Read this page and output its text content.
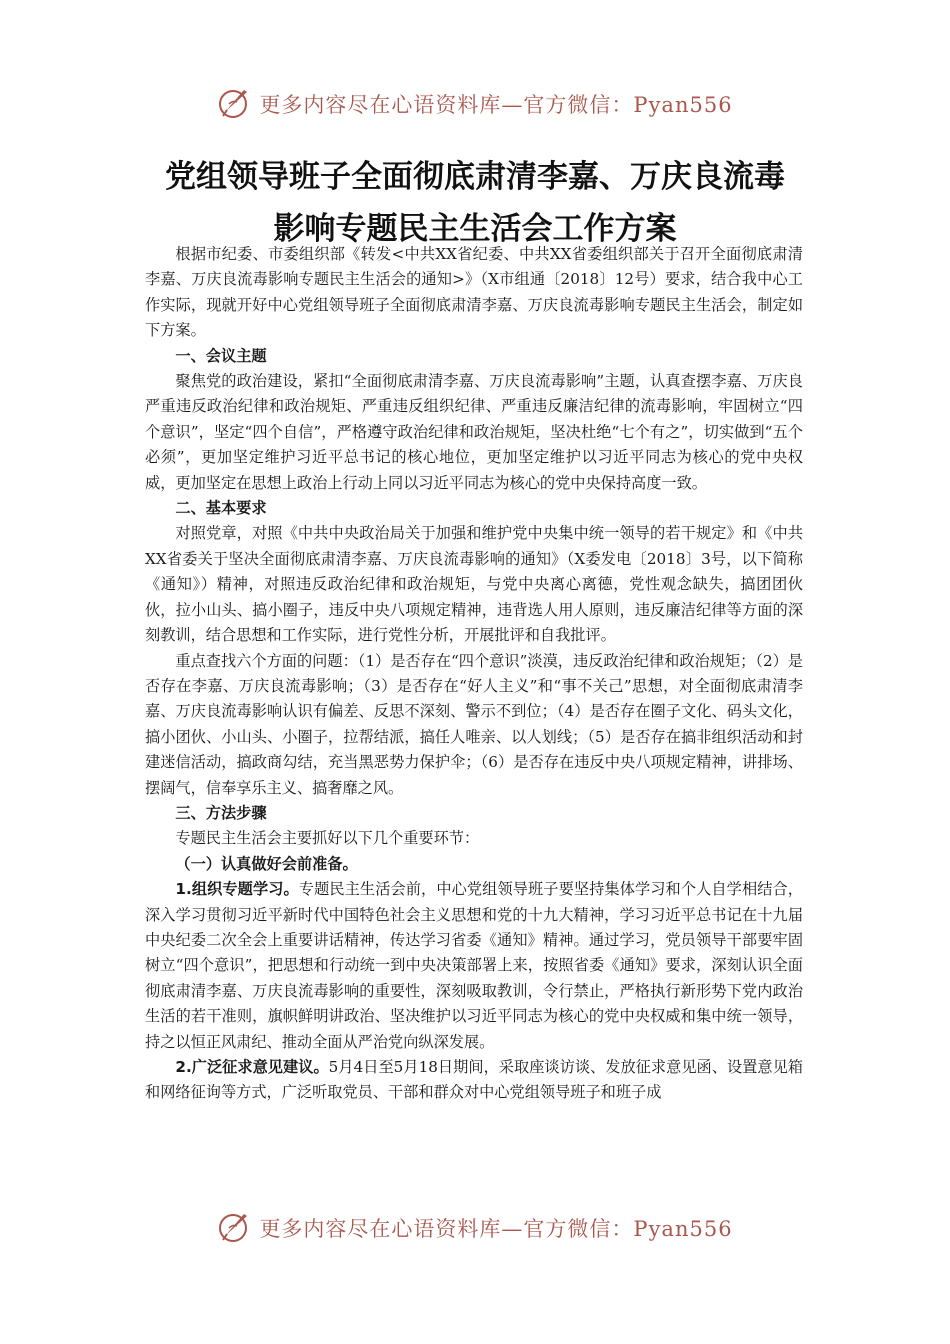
更多内容尽在心语资料库—官方微信：Pyan556
党组领导班子全面彻底肃清李嘉、万庆良流毒
影响专题民主生活会工作方案

根据市纪委、市委组织部《转发<中共XX省纪委、中共XX省委组织部关于召开全面彻底肃清李嘉、万庆良流毒影响专题民主生活会的通知>》（X市组通〔2018〕12号）要求，结合我中心工作实际，现就开好中心党组领导班子全面彻底肃清李嘉、万庆良流毒影响专题民主生活会，制定如下方案。

一、会议主题

聚焦党的政治建设，紧扣“全面彻底肃清李嘉、万庆良流毒影响”主题，认真查摆李嘉、万庆良严重违反政治纪律和政治规矩、严重违反组织纪律、严重违反廉洁纪律的流毒影响，牢固树立“四个意识”，坚定“四个自信”，严格遵守政治纪律和政治规矩，坚决杜绝“七个有之”，切实做到“五个必须”，更加坚定维护习近平总书记的核心地位，更加坚定维护以习近平同志为核心的党中央权威，更加坚定在思想上政治上行动上同以习近平同志为核心的党中央保持高度一致。

二、基本要求

对照党章，对照《中共中央政治局关于加强和维护党中央集中统一领导的若干规定》和《中共XX省委关于坚决全面彻底肃清李嘉、万庆良流毒影响的通知》（X委发电〔2018〕3号，以下简称《通知》）精神，对照违反政治纪律和政治规矩，与党中央离心离德，党性观念缺失，搞团团伙伙，拉小山头、搞小圈子，违反中央八项规定精神，违背选人用人原则，违反廉洁纪律等方面的深刻教训，结合思想和工作实际，进行党性分析，开展批评和自我批评。

重点查找六个方面的问题：（1）是否存在“四个意识”淡漠，违反政治纪律和政治规矩；（2）是否存在李嘉、万庆良流毒影响；（3）是否存在“好人主义”和“事不关己”思想，对全面彻底肃清李嘉、万庆良流毒影响认识有偏差、反思不深刻、警示不到位；（4）是否存在圈子文化、码头文化，搞小团伙、小山头、小圈子，拉帮结派，搞任人唯亲、以人划线；（5）是否存在搞非组织活动和封建迷信活动，搞政商勾结，充当黑恶势力保护伞；（6）是否存在违反中央八项规定精神，讲排场、摆阔气，信奉享乐主义、搞奢靡之风。

三、方法步骤

专题民主生活会主要抓好以下几个重要环节：

（一）认真做好会前准备。

1.组织专题学习。专题民主生活会前，中心党组领导班子要坚持集体学习和个人自学相结合，深入学习贯彻习近平新时代中国特色社会主义思想和党的十九大精神，学习习近平总书记在十九届中央纪委二次全会上重要讲话精神，传达学习省委《通知》精神。通过学习，党员领导干部要牢固树立“四个意识”，把思想和行动统一到中央决策部署上来，按照省委《通知》要求，深刻认识全面彻底肃清李嘉、万庆良流毒影响的重要性，深刻吸取教训，令行禁止，严格执行新形势下党内政治生活的若干准则，旗帜鲜明讲政治、坚决维护以习近平同志为核心的党中央权威和集中统一领导，持之以恒正风肃纪、推动全面从严治党向纵深发展。

2.广泛征求意见建议。5月4日至5月18日期间，采取座谈访谈、发放征求意见函、设置意见箱和网络征询等方式，广泛听取党员、干部和群众对中心党组领导班子和班子成

更多内容尽在心语资料库—官方微信：Pyan556
